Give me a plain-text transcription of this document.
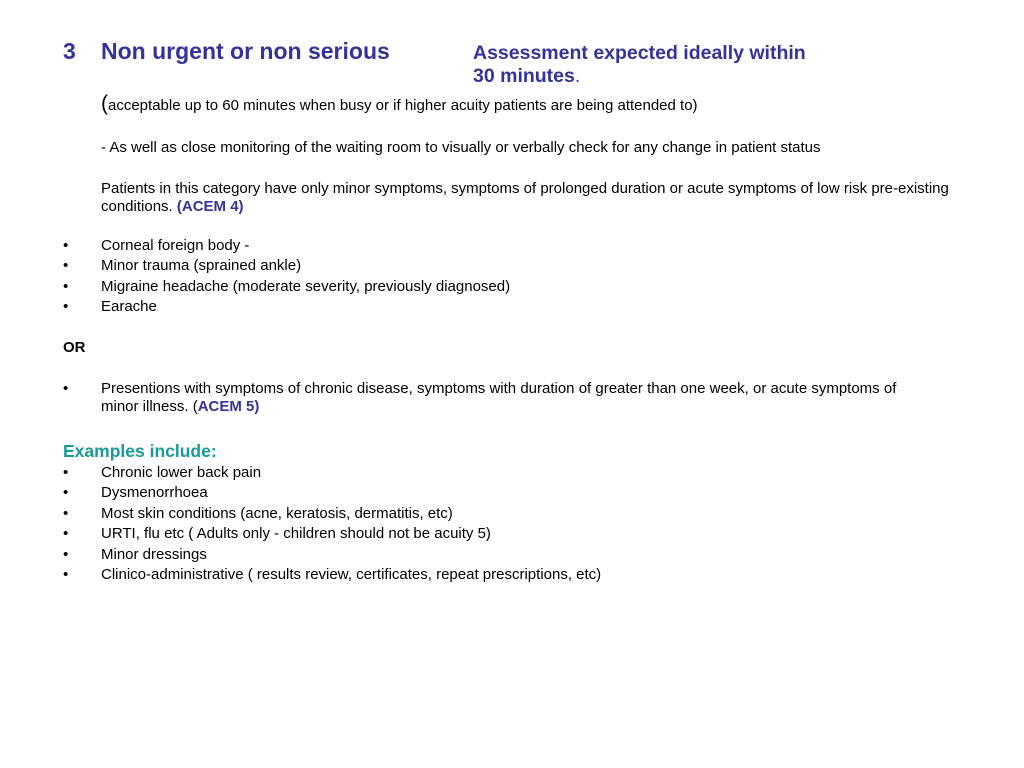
3 Non urgent or non serious	Assessment expected ideally within
30 minutes.
(acceptable up to 60 minutes when busy or if higher acuity patients are being attended to)
- As well as close monitoring of the waiting room to visually or verbally check for any change in patient status
Patients in this category have only minor symptoms, symptoms of prolonged duration or acute symptoms of low risk pre-existing conditions. (ACEM 4)
• Corneal foreign body -
• Minor trauma (sprained ankle)
• Migraine headache (moderate severity, previously diagnosed)
• Earache
OR
• Presentions with symptoms of chronic disease, symptoms with duration of greater than one week, or acute symptoms of minor illness. (ACEM 5)
Examples include:
• Chronic lower back pain
• Dysmenorrhoea
• Most skin conditions (acne, keratosis, dermatitis, etc)
• URTI, flu etc ( Adults only - children should not be acuity 5)
• Minor dressings
• Clinico-administrative ( results review, certificates, repeat prescriptions, etc)
